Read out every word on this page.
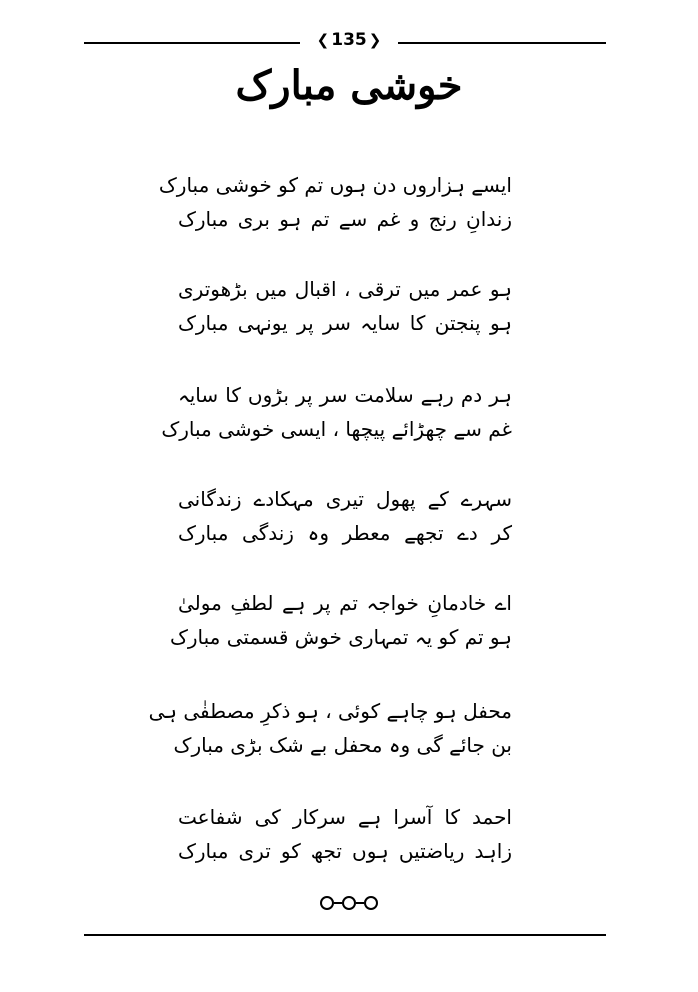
❮ 135 ❯
خوشی مبارک
ایسے ہزاروں دن ہوں تم کو خوشی مبارک
زندانِ رنج و غم سے تم ہو بری مبارک
ہو عمر میں ترقی ، اقبال میں بڑھوتری
ہو پنجتن کا سایہ سر پر یونہی مبارک
ہر دم رہے سلامت سر پر بڑوں کا سایہ
غم سے چھڑائے پیچھا ، ایسی خوشی مبارک
سہرے کے پھول تیری مہکادے زندگانی
کر دے تجھے معطر وہ زندگی مبارک
اے خادمانِ خواجہ تم پر ہے لطفِ مولیٰ
ہو تم کو یہ تمہاری خوش قسمتی مبارک
محفل ہو چاہے کوئی ، ہو ذکرِ مصطفٰی ہی
بن جائے گی وہ محفل بے شک بڑی مبارک
احمد کا آسرا ہے سرکار کی شفاعت
زاہد ریاضتیں ہوں تجھ کو تری مبارک
